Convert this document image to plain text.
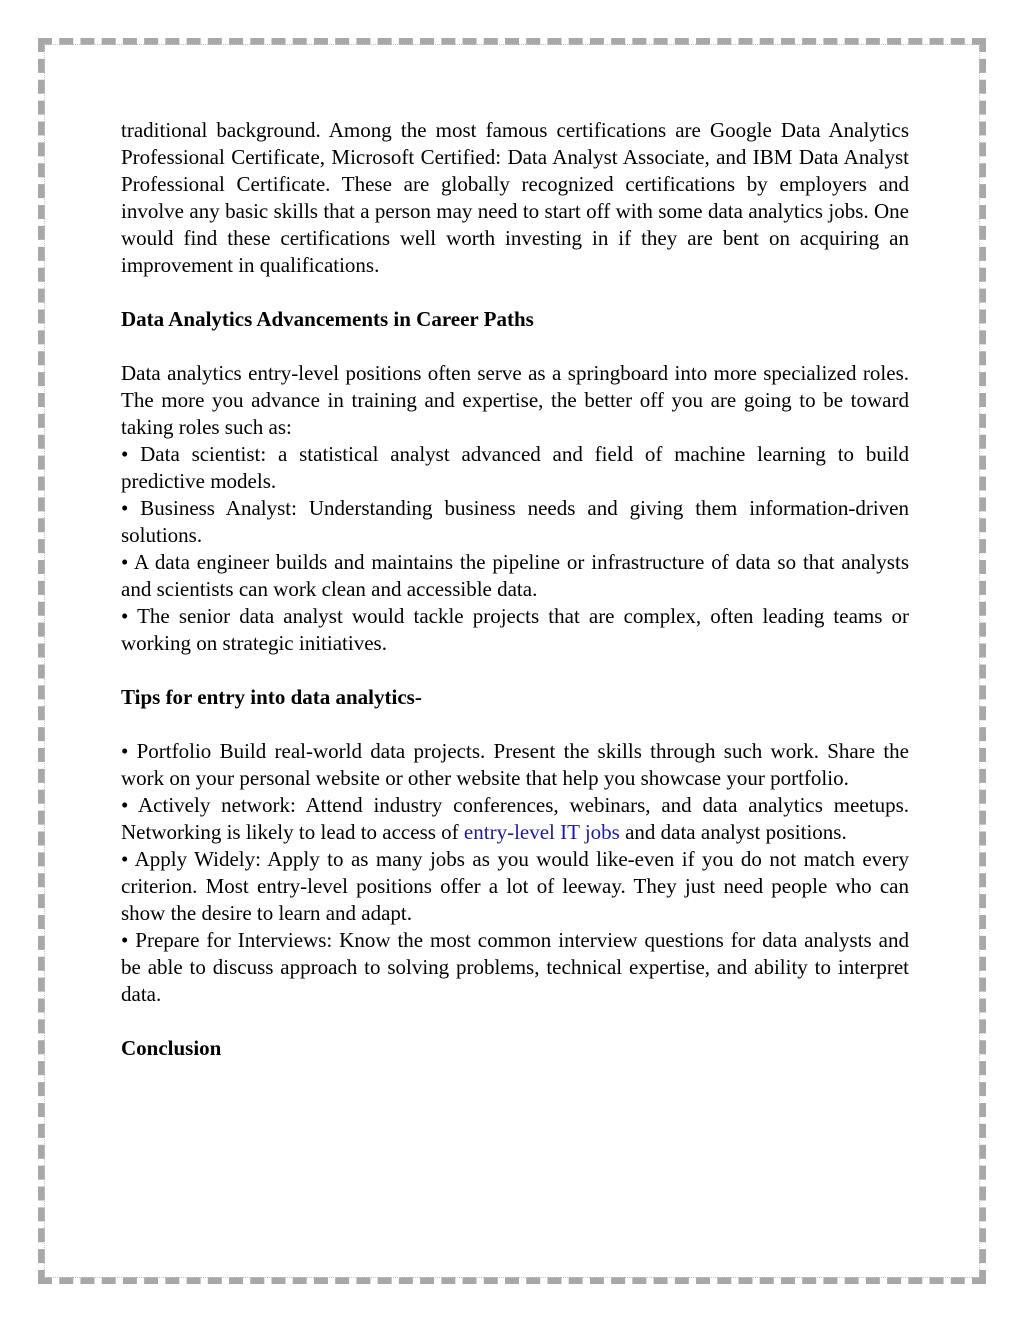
traditional background. Among the most famous certifications are Google Data Analytics Professional Certificate, Microsoft Certified: Data Analyst Associate, and IBM Data Analyst Professional Certificate. These are globally recognized certifications by employers and involve any basic skills that a person may need to start off with some data analytics jobs. One would find these certifications well worth investing in if they are bent on acquiring an improvement in qualifications.

Data Analytics Advancements in Career Paths

Data analytics entry-level positions often serve as a springboard into more specialized roles. The more you advance in training and expertise, the better off you are going to be toward taking roles such as:

• Data scientist: a statistical analyst advanced and field of machine learning to build predictive models.

• Business Analyst: Understanding business needs and giving them information-driven solutions.

• A data engineer builds and maintains the pipeline or infrastructure of data so that analysts and scientists can work clean and accessible data.

• The senior data analyst would tackle projects that are complex, often leading teams or working on strategic initiatives.

Tips for entry into data analytics-

• Portfolio Build real-world data projects. Present the skills through such work. Share the work on your personal website or other website that help you showcase your portfolio.

• Actively network: Attend industry conferences, webinars, and data analytics meetups. Networking is likely to lead to access of entry-level IT jobs and data analyst positions.

• Apply Widely: Apply to as many jobs as you would like-even if you do not match every criterion. Most entry-level positions offer a lot of leeway. They just need people who can show the desire to learn and adapt.

• Prepare for Interviews: Know the most common interview questions for data analysts and be able to discuss approach to solving problems, technical expertise, and ability to interpret data.

Conclusion
